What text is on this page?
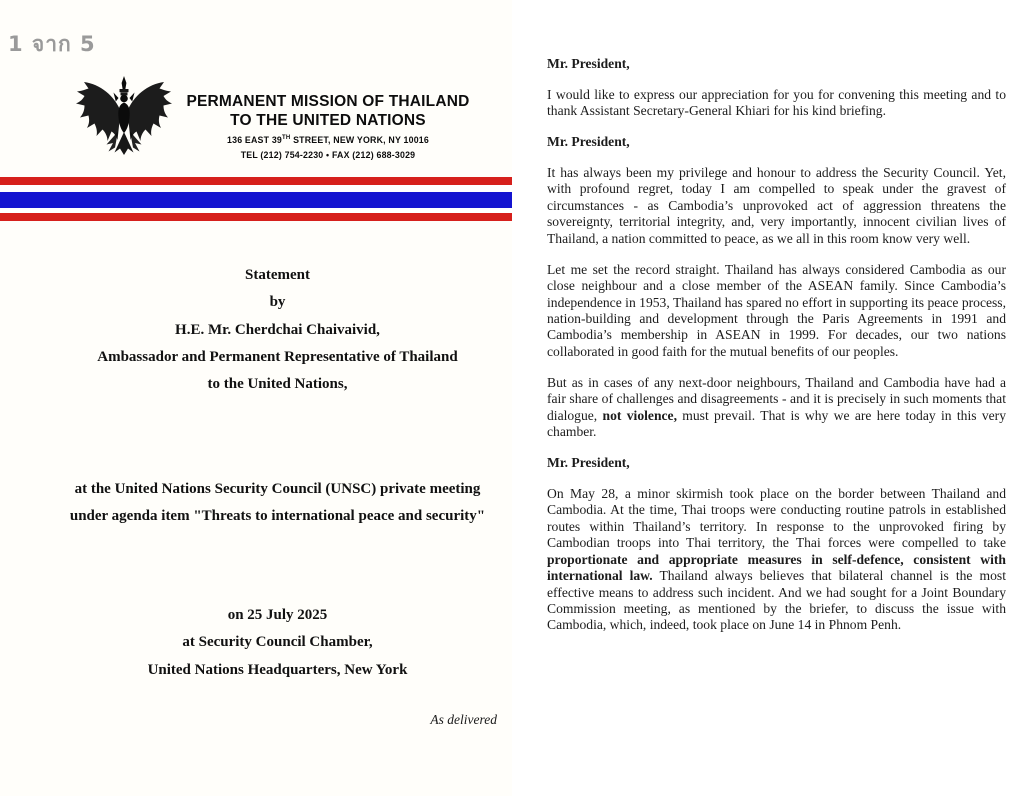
1 จาก 5
PERMANENT MISSION OF THAILAND
TO THE UNITED NATIONS
136 EAST 39TH STREET, NEW YORK, NY 10016
TEL (212) 754-2230 • FAX (212) 688-3029
Statement
by
H.E. Mr. Cherdchai Chaivaivid,
Ambassador and Permanent Representative of Thailand
to the United Nations,
at the United Nations Security Council (UNSC) private meeting
under agenda item "Threats to international peace and security"
on 25 July 2025
at Security Council Chamber,
United Nations Headquarters, New York
As delivered

Mr. President,

I would like to express our appreciation for you for convening this meeting and to thank Assistant Secretary-General Khiari for his kind briefing.

Mr. President,

It has always been my privilege and honour to address the Security Council. Yet, with profound regret, today I am compelled to speak under the gravest of circumstances - as Cambodia’s unprovoked act of aggression threatens the sovereignty, territorial integrity, and, very importantly, innocent civilian lives of Thailand, a nation committed to peace, as we all in this room know very well.

Let me set the record straight. Thailand has always considered Cambodia as our close neighbour and a close member of the ASEAN family. Since Cambodia’s independence in 1953, Thailand has spared no effort in supporting its peace process, nation-building and development through the Paris Agreements in 1991 and Cambodia’s membership in ASEAN in 1999. For decades, our two nations collaborated in good faith for the mutual benefits of our peoples.

But as in cases of any next-door neighbours, Thailand and Cambodia have had a fair share of challenges and disagreements - and it is precisely in such moments that dialogue, not violence, must prevail. That is why we are here today in this very chamber.

Mr. President,

On May 28, a minor skirmish took place on the border between Thailand and Cambodia. At the time, Thai troops were conducting routine patrols in established routes within Thailand’s territory. In response to the unprovoked firing by Cambodian troops into Thai territory, the Thai forces were compelled to take proportionate and appropriate measures in self-defence, consistent with international law. Thailand always believes that bilateral channel is the most effective means to address such incident. And we had sought for a Joint Boundary Commission meeting, as mentioned by the briefer, to discuss the issue with Cambodia, which, indeed, took place on June 14 in Phnom Penh.
